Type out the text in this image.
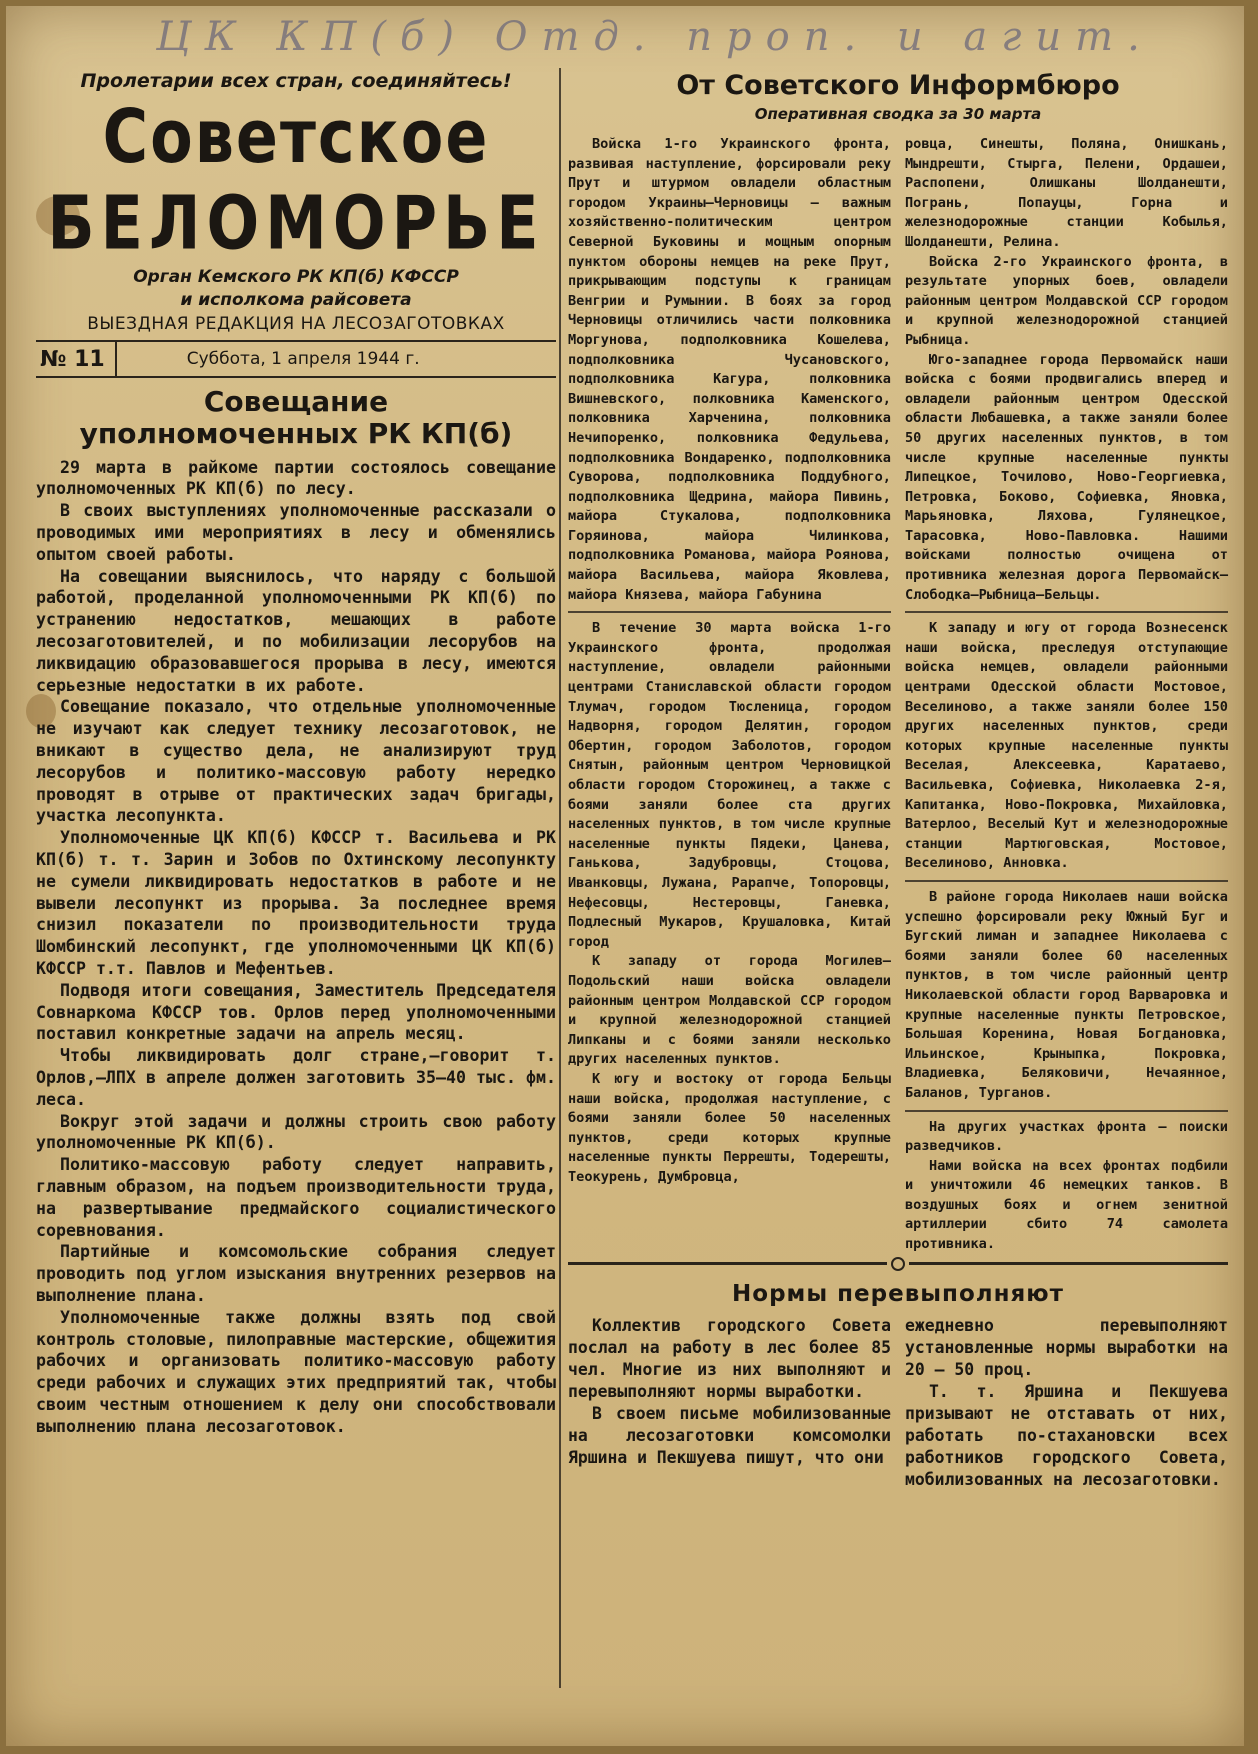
ЦК КП(б) Отд. проп. и агит.
Пролетарии всех стран, соединяйтесь!
Советское
БЕЛОМОРЬЕ
Орган Кемского РК КП(б) КФССР
и исполкома райсовета
ВЫЕЗДНАЯ РЕДАКЦИЯ НА ЛЕСОЗАГОТОВКАХ
№ 11	Суббота, 1 апреля 1944 г.
Совещание
уполномоченных РК КП(б)

29 марта в райкоме партии состоялось совещание уполномоченных РК КП(б) по лесу.

В своих выступлениях уполномоченные рассказали о проводимых ими мероприятиях в лесу и обменялись опытом своей работы.

На совещании выяснилось, что наряду с большой работой, проделанной уполномоченными РК КП(б) по устранению недостатков, мешающих в работе лесозаготовителей, и по мобилизации лесорубов на ликвидацию образовавшегося прорыва в лесу, имеются серьезные недостатки в их работе.

Совещание показало, что отдельные уполномоченные не изучают как следует технику лесозаготовок, не вникают в существо дела, не анализируют труд лесорубов и политико-массовую работу нередко проводят в отрыве от практических задач бригады, участка лесопункта.

Уполномоченные ЦК КП(б) КФССР т. Васильева и РК КП(б) т. т. Зарин и Зобов по Охтинскому лесопункту не сумели ликвидировать недостатков в работе и не вывели лесопункт из прорыва. За последнее время снизил показатели по производительности труда Шомбинский лесопункт, где уполномоченными ЦК КП(б) КФССР т.т. Павлов и Мефентьев.

Подводя итоги совещания, Заместитель Председателя Совнаркома КФССР тов. Орлов перед уполномоченными поставил конкретные задачи на апрель месяц.

Чтобы ликвидировать долг стране,—говорит т. Орлов,—ЛПХ в апреле должен заготовить 35—40 тыс. фм. леса.

Вокруг этой задачи и должны строить свою работу уполномоченные РК КП(б).

Политико-массовую работу следует направить, главным образом, на подъем производительности труда, на развертывание предмайского социалистического соревнования.

Партийные и комсомольские собрания следует проводить под углом изыскания внутренних резервов на выполнение плана.

Уполномоченные также должны взять под свой контроль столовые, пилоправные мастерские, общежития рабочих и организовать политико-массовую работу среди рабочих и служащих этих предприятий так, чтобы своим честным отношением к делу они способствовали выполнению плана лесозаготовок.

От Советского Информбюро
Оперативная сводка за 30 марта

Войска 1-го Украинского фронта, развивая наступление, форсировали реку Прут и штурмом овладели областным городом Украины—Черновицы — важным хозяйственно-политическим центром Северной Буковины и мощным опорным пунктом обороны немцев на реке Прут, прикрывающим подступы к границам Венгрии и Румынии. В боях за город Черновицы отличились части полковника Моргунова, подполковника Кошелева, подполковника Чусановского, подполковника Кагура, полковника Вишневского, полковника Каменского, полковника Харченина, полковника Нечипоренко, полковника Федульева, подполковника Вондаренко, подполковника Суворова, подполковника Поддубного, подполковника Щедрина, майора Пивинь, майора Стукалова, подполковника Горяинова, майора Чилинкова, подполковника Романова, майора Роянова, майора Васильева, майора Яковлева, майора Князева, майора Габунина

В течение 30 марта войска 1-го Украинского фронта, продолжая наступление, овладели районными центрами Станиславской области городом Тлумач, городом Тюсленица, городом Надворня, городом Делятин, городом Обертин, городом Заболотов, городом Снятын, районным центром Черновицкой области городом Сторожинец, а также с боями заняли более ста других населенных пунктов, в том числе крупные населенные пункты Пядеки, Цанева, Ганькова, Задубровцы, Стоцова, Иванковцы, Лужана, Рарапче, Топоровцы, Нефесовцы, Нестеровцы, Ганевка, Подлесный Мукаров, Крушаловка, Китай город

К западу от города Могилев—Подольский наши войска овладели районным центром Молдавской ССР городом и крупной железнодорожной станцией Липканы и с боями заняли несколько других населенных пунктов.

К югу и востоку от города Бельцы наши войска, продолжая наступление, с боями заняли более 50 населенных пунктов, среди которых крупные населенные пункты Перрешты, Тодерешты, Теокурень, Думбровца,

ровца, Синешты, Поляна, Онишкань, Мындрешти, Стырга, Пелени, Ордашеи, Распопени, Олишканы Шолданешти, Погрань, Попауцы, Горна и железнодорожные станции Кобылья, Шолданешти, Релина.

Войска 2-го Украинского фронта, в результате упорных боев, овладели районным центром Молдавской ССР городом и крупной железнодорожной станцией Рыбница.

Юго-западнее города Первомайск наши войска с боями продвигались вперед и овладели районным центром Одесской области Любашевка, а также заняли более 50 других населенных пунктов, в том числе крупные населенные пункты Липецкое, Точилово, Ново-Георгиевка, Петровка, Боково, Софиевка, Яновка, Марьяновка, Ляхова, Гулянецкое, Тарасовка, Ново-Павловка. Нашими войсками полностью очищена от противника железная дорога Первомайск—Слободка—Рыбница—Бельцы.

К западу и югу от города Вознесенск наши войска, преследуя отступающие войска немцев, овладели районными центрами Одесской области Мостовое, Веселиново, а также заняли более 150 других населенных пунктов, среди которых крупные населенные пункты Веселая, Алексеевка, Каратаево, Васильевка, Софиевка, Николаевка 2-я, Капитанка, Ново-Покровка, Михайловка, Ватерлоо, Веселый Кут и железнодорожные станции Мартюговская, Мостовое, Веселиново, Анновка.

В районе города Николаев наши войска успешно форсировали реку Южный Буг и Бугский лиман и западнее Николаева с боями заняли более 60 населенных пунктов, в том числе районный центр Николаевской области город Варваровка и крупные населенные пункты Петровское, Большая Коренина, Новая Богдановка, Ильинское, Крыныпка, Покровка, Владиевка, Беляковичи, Нечаянное, Баланов, Турганов.

На других участках фронта — поиски разведчиков.

Нами войска на всех фронтах подбили и уничтожили 46 немецких танков. В воздушных боях и огнем зенитной артиллерии сбито 74 самолета противника.

Нормы перевыполняют

Коллектив городского Совета послал на работу в лес более 85 чел. Многие из них выполняют и перевыполняют нормы выработки.

В своем письме мобилизованные на лесозаготовки комсомолки Яршина и Пекшуева пишут, что они

ежедневно перевыполняют установленные нормы выработки на 20 — 50 проц.

Т. т. Яршина и Пекшуева призывают не отставать от них, работать по-стахановски всех работников городского Совета, мобилизованных на лесозаготовки.
